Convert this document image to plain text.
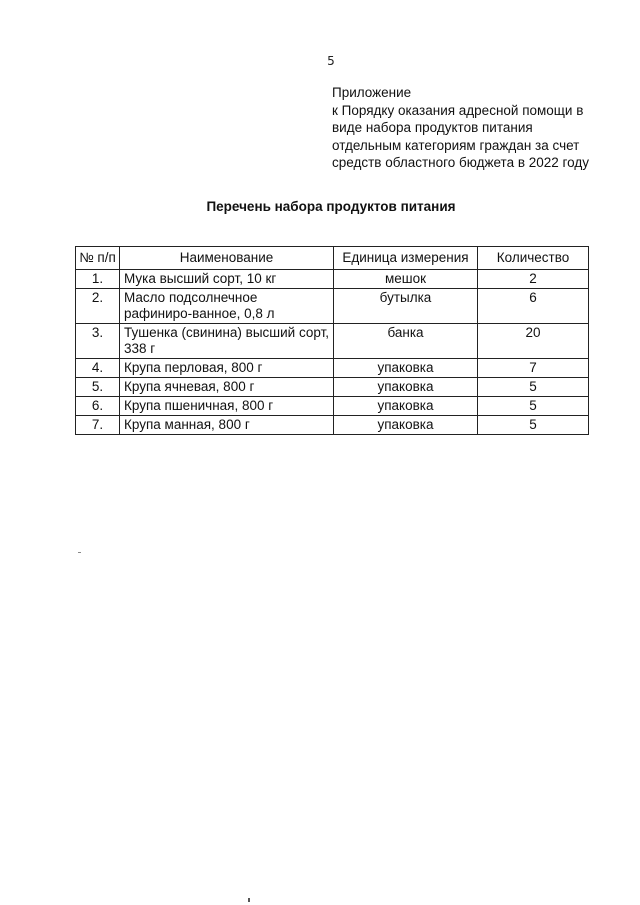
5
Приложение
к Порядку оказания адресной помощи в
виде набора продуктов питания
отдельным категориям граждан за счет
средств областного бюджета в 2022 году
Перечень набора продуктов питания
№ п/п	Наименование	Единица измерения	Количество
1.	Мука высший сорт, 10 кг	мешок	2
2.	Масло подсолнечное рафиниро-ванное, 0,8 л	бутылка	6
3.	Тушенка (свинина) высший сорт, 338 г	банка	20
4.	Крупа перловая, 800 г	упаковка	7
5.	Крупа ячневая, 800 г	упаковка	5
6.	Крупа пшеничная, 800 г	упаковка	5
7.	Крупа манная, 800 г	упаковка	5
